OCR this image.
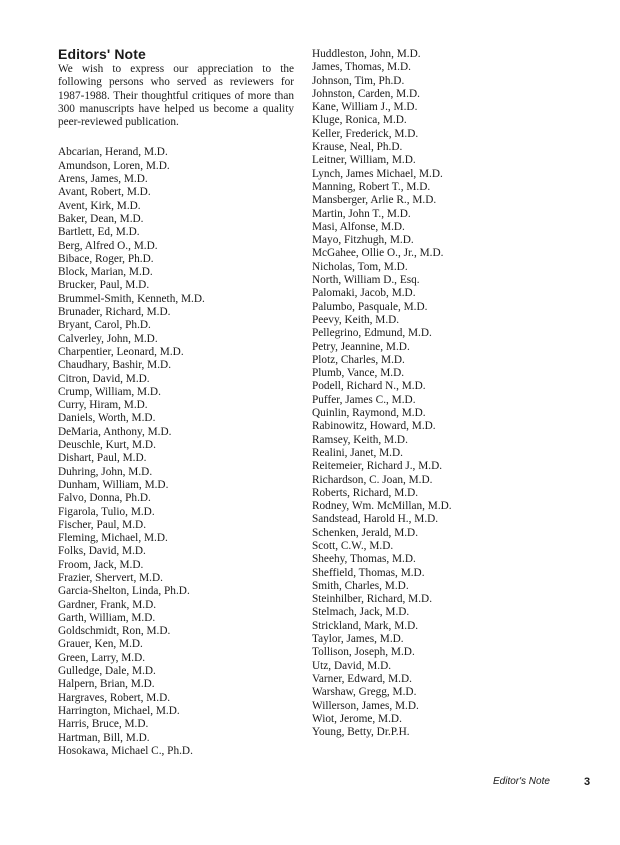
Editors' Note

We wish to express our appreciation to the following persons who served as reviewers for 1987-1988. Their thoughtful critiques of more than 300 manuscripts have helped us become a quality peer-reviewed publication.

Abcarian, Herand, M.D.
Amundson, Loren, M.D.
Arens, James, M.D.
Avant, Robert, M.D.
Avent, Kirk, M.D.
Baker, Dean, M.D.
Bartlett, Ed, M.D.
Berg, Alfred O., M.D.
Bibace, Roger, Ph.D.
Block, Marian, M.D.
Brucker, Paul, M.D.
Brummel-Smith, Kenneth, M.D.
Brunader, Richard, M.D.
Bryant, Carol, Ph.D.
Calverley, John, M.D.
Charpentier, Leonard, M.D.
Chaudhary, Bashir, M.D.
Citron, David, M.D.
Crump, William, M.D.
Curry, Hiram, M.D.
Daniels, Worth, M.D.
DeMaria, Anthony, M.D.
Deuschle, Kurt, M.D.
Dishart, Paul, M.D.
Duhring, John, M.D.
Dunham, William, M.D.
Falvo, Donna, Ph.D.
Figarola, Tulio, M.D.
Fischer, Paul, M.D.
Fleming, Michael, M.D.
Folks, David, M.D.
Froom, Jack, M.D.
Frazier, Shervert, M.D.
Garcia-Shelton, Linda, Ph.D.
Gardner, Frank, M.D.
Garth, William, M.D.
Goldschmidt, Ron, M.D.
Grauer, Ken, M.D.
Green, Larry, M.D.
Gulledge, Dale, M.D.
Halpern, Brian, M.D.
Hargraves, Robert, M.D.
Harrington, Michael, M.D.
Harris, Bruce, M.D.
Hartman, Bill, M.D.
Hosokawa, Michael C., Ph.D.
Huddleston, John, M.D.
James, Thomas, M.D.
Johnson, Tim, Ph.D.
Johnston, Carden, M.D.
Kane, William J., M.D.
Kluge, Ronica, M.D.
Keller, Frederick, M.D.
Krause, Neal, Ph.D.
Leitner, William, M.D.
Lynch, James Michael, M.D.
Manning, Robert T., M.D.
Mansberger, Arlie R., M.D.
Martin, John T., M.D.
Masi, Alfonse, M.D.
Mayo, Fitzhugh, M.D.
McGahee, Ollie O., Jr., M.D.
Nicholas, Tom, M.D.
North, William D., Esq.
Palomaki, Jacob, M.D.
Palumbo, Pasquale, M.D.
Peevy, Keith, M.D.
Pellegrino, Edmund, M.D.
Petry, Jeannine, M.D.
Plotz, Charles, M.D.
Plumb, Vance, M.D.
Podell, Richard N., M.D.
Puffer, James C., M.D.
Quinlin, Raymond, M.D.
Rabinowitz, Howard, M.D.
Ramsey, Keith, M.D.
Realini, Janet, M.D.
Reitemeier, Richard J., M.D.
Richardson, C. Joan, M.D.
Roberts, Richard, M.D.
Rodney, Wm. McMillan, M.D.
Sandstead, Harold H., M.D.
Schenken, Jerald, M.D.
Scott, C.W., M.D.
Sheehy, Thomas, M.D.
Sheffield, Thomas, M.D.
Smith, Charles, M.D.
Steinhilber, Richard, M.D.
Stelmach, Jack, M.D.
Strickland, Mark, M.D.
Taylor, James, M.D.
Tollison, Joseph, M.D.
Utz, David, M.D.
Varner, Edward, M.D.
Warshaw, Gregg, M.D.
Willerson, James, M.D.
Wiot, Jerome, M.D.
Young, Betty, Dr.P.H.
Editor's Note	3
